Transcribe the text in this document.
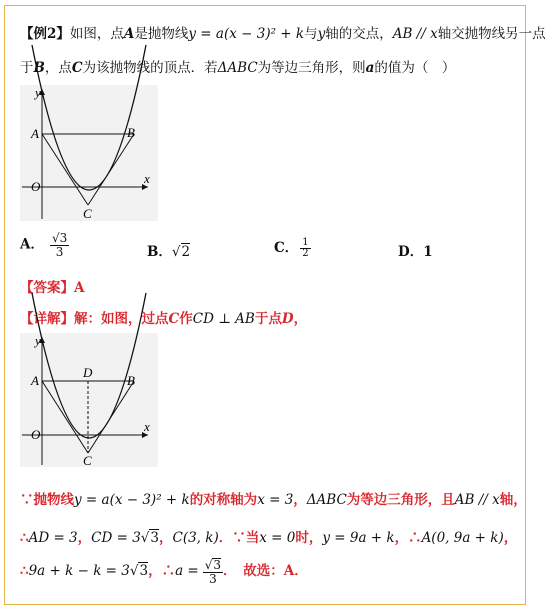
【例2】如图，点A是抛物线y = a(x − 3)² + k与y轴的交点，AB // x轴交抛物线另一点
于B，点C为该抛物线的顶点．若ΔABC为等边三角形，则a的值为（　）
y
x
O
A	B
C
A． $\frac{√3}{3}$	B．√2	C． $\frac{1}{2}$	D．1
【答案】A
【详解】解：如图，过点C作CD ⊥ AB于点D，
y
x
O
A	B
C
D
∵抛物线y = a(x − 3)² + k的对称轴为x = 3，ΔABC为等边三角形，且AB // x轴，
∴AD = 3，CD = 3√3，C(3, k)．∵当x = 0时，y = 9a + k，∴A(0, 9a + k)，
∴9a + k − k = 3√3，∴a = $\frac{√3}{3}$ ．　故选：A．
